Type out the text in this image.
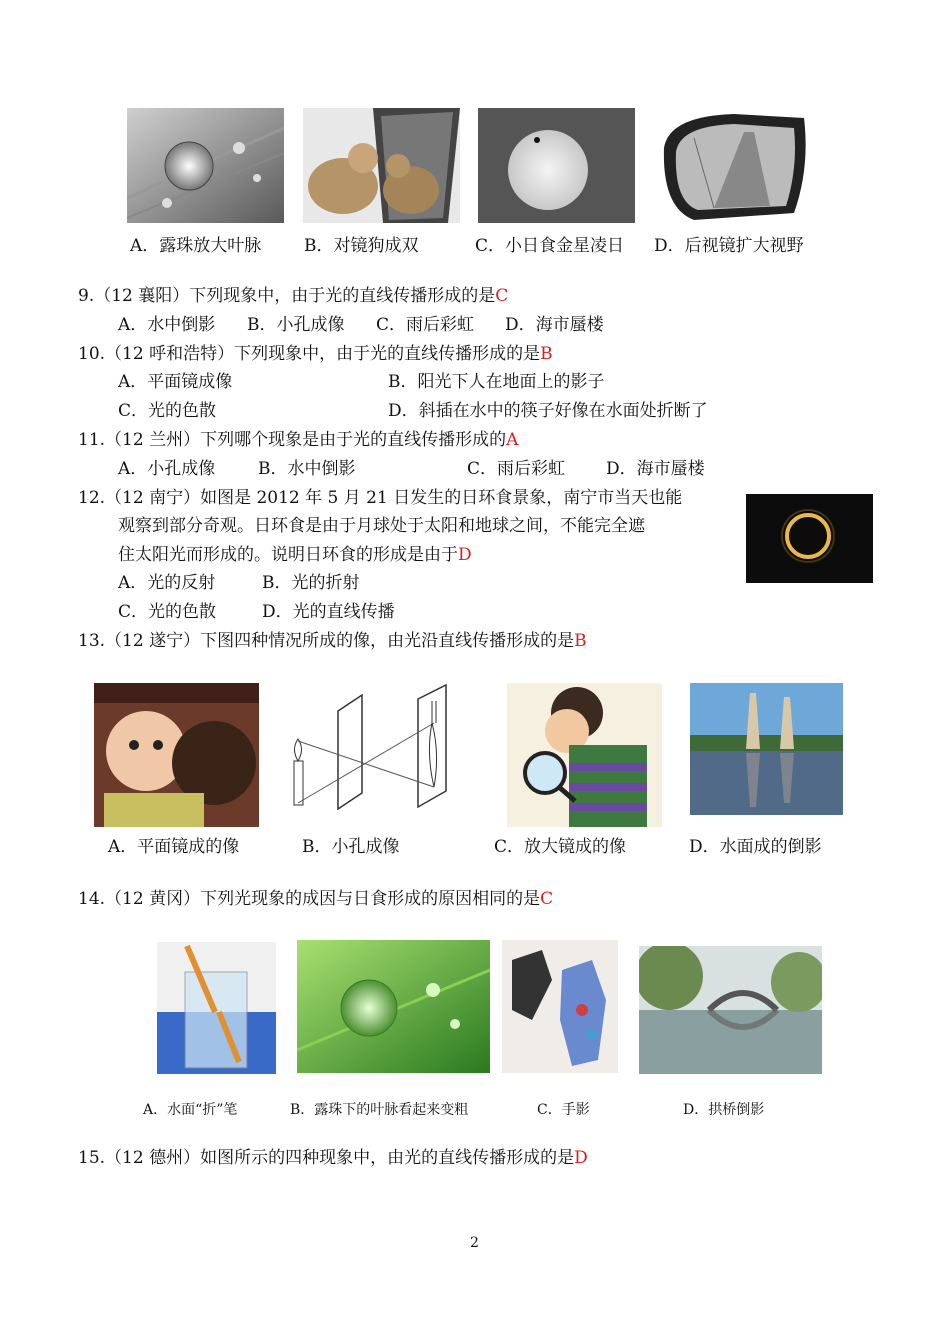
A．露珠放大叶脉	B．对镜狗成双	C．小日食金星凌日 D．后视镜扩大视野
9.（12 襄阳）下列现象中，由于光的直线传播形成的是C
A．水中倒影 B．小孔成像 C．雨后彩虹 D．海市蜃楼
10.（12 呼和浩特）下列现象中，由于光的直线传播形成的是B
A．平面镜成像	B．阳光下人在地面上的影子
C．光的色散	D．斜插在水中的筷子好像在水面处折断了
11.（12 兰州）下列哪个现象是由于光的直线传播形成的A
A．小孔成像	B．水中倒影	C．雨后彩虹 D．海市蜃楼
12.（12 南宁）如图是 2012 年 5 月 21 日发生的日环食景象，南宁市当天也能
观察到部分奇观。日环食是由于月球处于太阳和地球之间，不能完全遮
住太阳光而形成的。说明日环食的形成是由于D
A．光的反射	B．光的折射
C．光的色散	D．光的直线传播
13.（12 遂宁）下图四种情况所成的像，由光沿直线传播形成的是B
A．平面镜成的像	B．小孔成像	C．放大镜成的像	D．水面成的倒影
14.（12 黄冈）下列光现象的成因与日食形成的原因相同的是C
A．水面“折”笔	B．露珠下的叶脉看起来变粗	C．手影	D．拱桥倒影
15.（12 德州）如图所示的四种现象中，由光的直线传播形成的是D
2
